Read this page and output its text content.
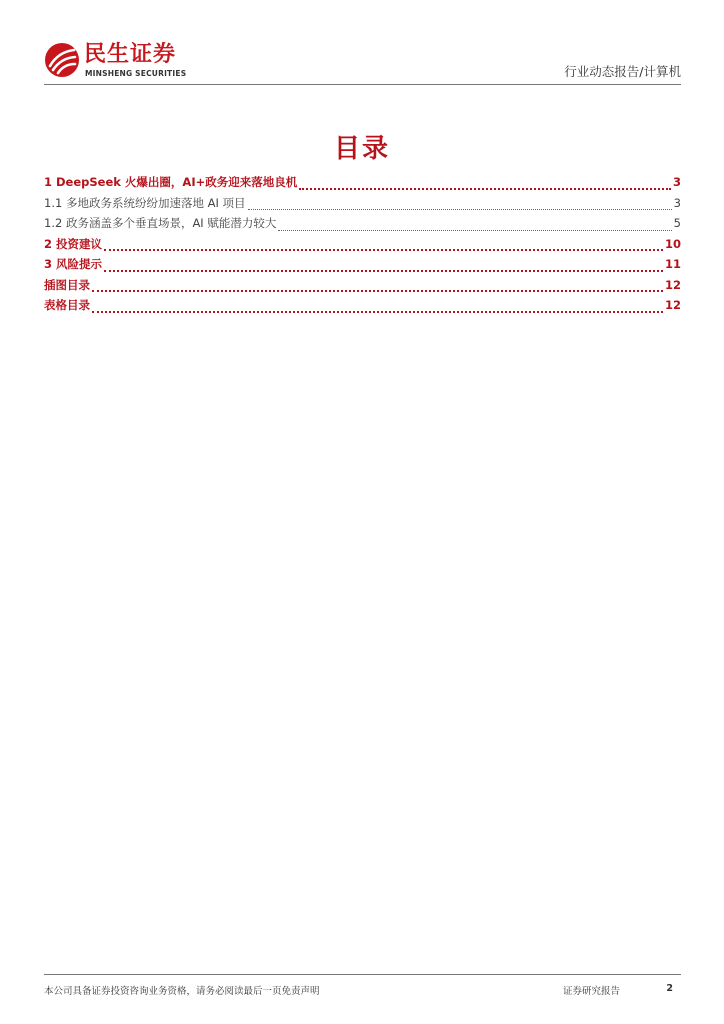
民生证券
MINSHENG SECURITIES	行业动态报告/计算机
目录
1 DeepSeek 火爆出圈，AI+政务迎来落地良机	3
1.1 多地政务系统纷纷加速落地 AI 项目	3
1.2 政务涵盖多个垂直场景，AI 赋能潜力较大	5
2 投资建议	10
3 风险提示	11
插图目录	12
表格目录	12
本公司具备证券投资咨询业务资格，请务必阅读最后一页免责声明	证券研究报告	2
